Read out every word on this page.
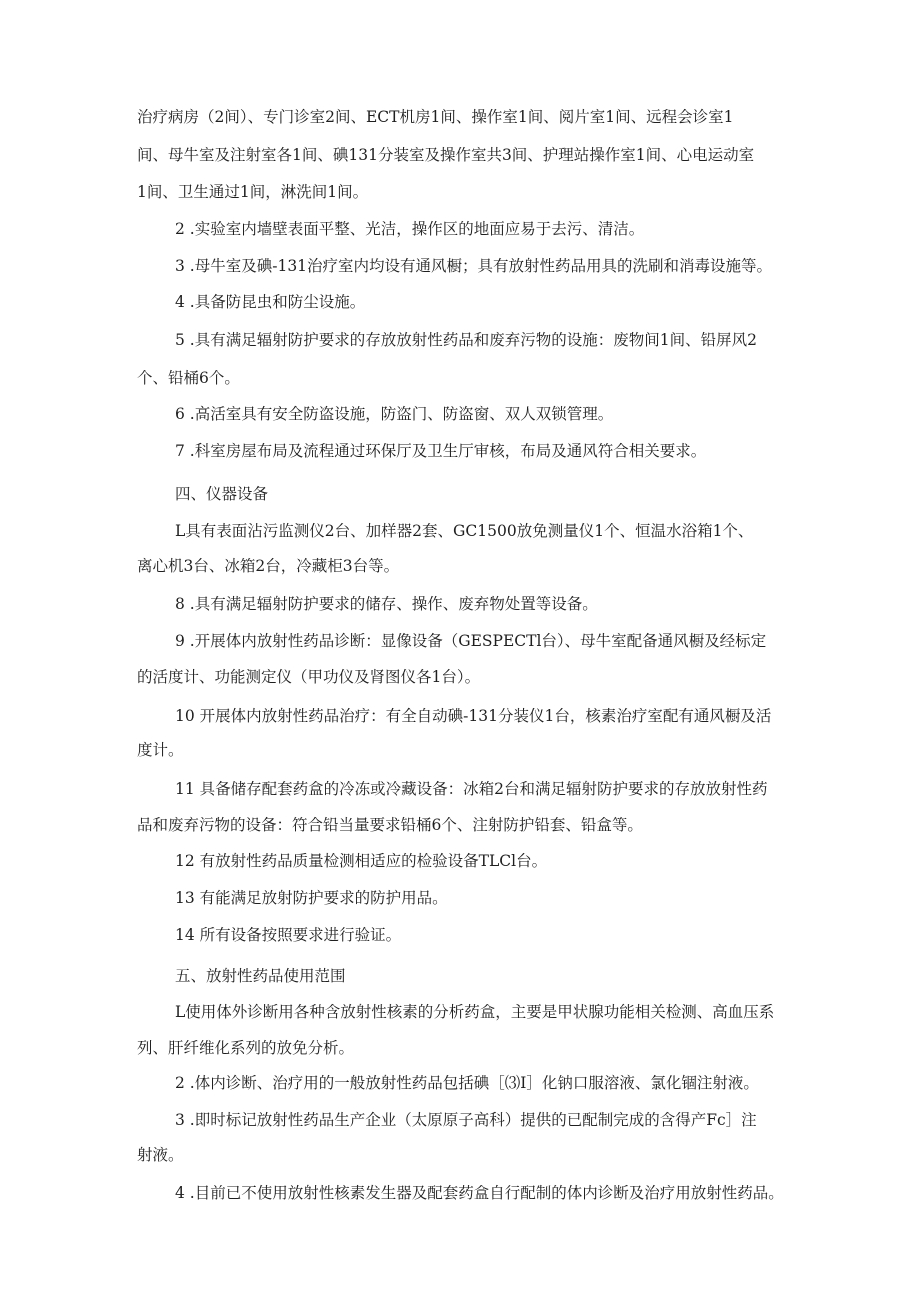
治疗病房（2间）、专门诊室2间、ECT机房1间、操作室1间、阅片室1间、远程会诊室1
间、母牛室及注射室各1间、碘131分装室及操作室共3间、护理站操作室1间、心电运动室
1间、卫生通过1间，淋洗间1间。
2 .实验室内墙壁表面平整、光洁，操作区的地面应易于去污、清洁。
3 .母牛室及碘-131治疗室内均设有通风橱；具有放射性药品用具的洗刷和消毒设施等。
4 .具备防昆虫和防尘设施。
5 .具有满足辐射防护要求的存放放射性药品和废弃污物的设施：废物间1间、铅屏风2
个、铅桶6个。
6 .高活室具有安全防盗设施，防盗门、防盗窗、双人双锁管理。
7 .科室房屋布局及流程通过环保厅及卫生厅审核，布局及通风符合相关要求。
四、仪器设备
L具有表面沾污监测仪2台、加样器2套、GC1500放免测量仪1个、恒温水浴箱1个、
离心机3台、冰箱2台，冷藏柜3台等。
8 .具有满足辐射防护要求的储存、操作、废弃物处置等设备。
9 .开展体内放射性药品诊断：显像设备（GESPECTl台）、母牛室配备通风橱及经标定
的活度计、功能测定仪（甲功仪及肾图仪各1台）。
10 开展体内放射性药品治疗：有全自动碘-131分装仪1台，核素治疗室配有通风橱及活
度计。
11 具备储存配套药盒的冷冻或冷藏设备：冰箱2台和满足辐射防护要求的存放放射性药
品和废弃污物的设备：符合铅当量要求铅桶6个、注射防护铅套、铅盒等。
12 有放射性药品质量检测相适应的检验设备TLCl台。
13 有能满足放射防护要求的防护用品。
14 所有设备按照要求进行验证。
五、放射性药品使用范围
L使用体外诊断用各种含放射性核素的分析药盒，主要是甲状腺功能相关检测、高血压系
列、肝纤维化系列的放免分析。
2 .体内诊断、治疗用的一般放射性药品包括碘［⑶I］化钠口服溶液、氯化锢注射液。
3 .即时标记放射性药品生产企业（太原原子高科）提供的已配制完成的含得产Fc］注
射液。
4 .目前已不使用放射性核素发生器及配套药盒自行配制的体内诊断及治疗用放射性药品。
